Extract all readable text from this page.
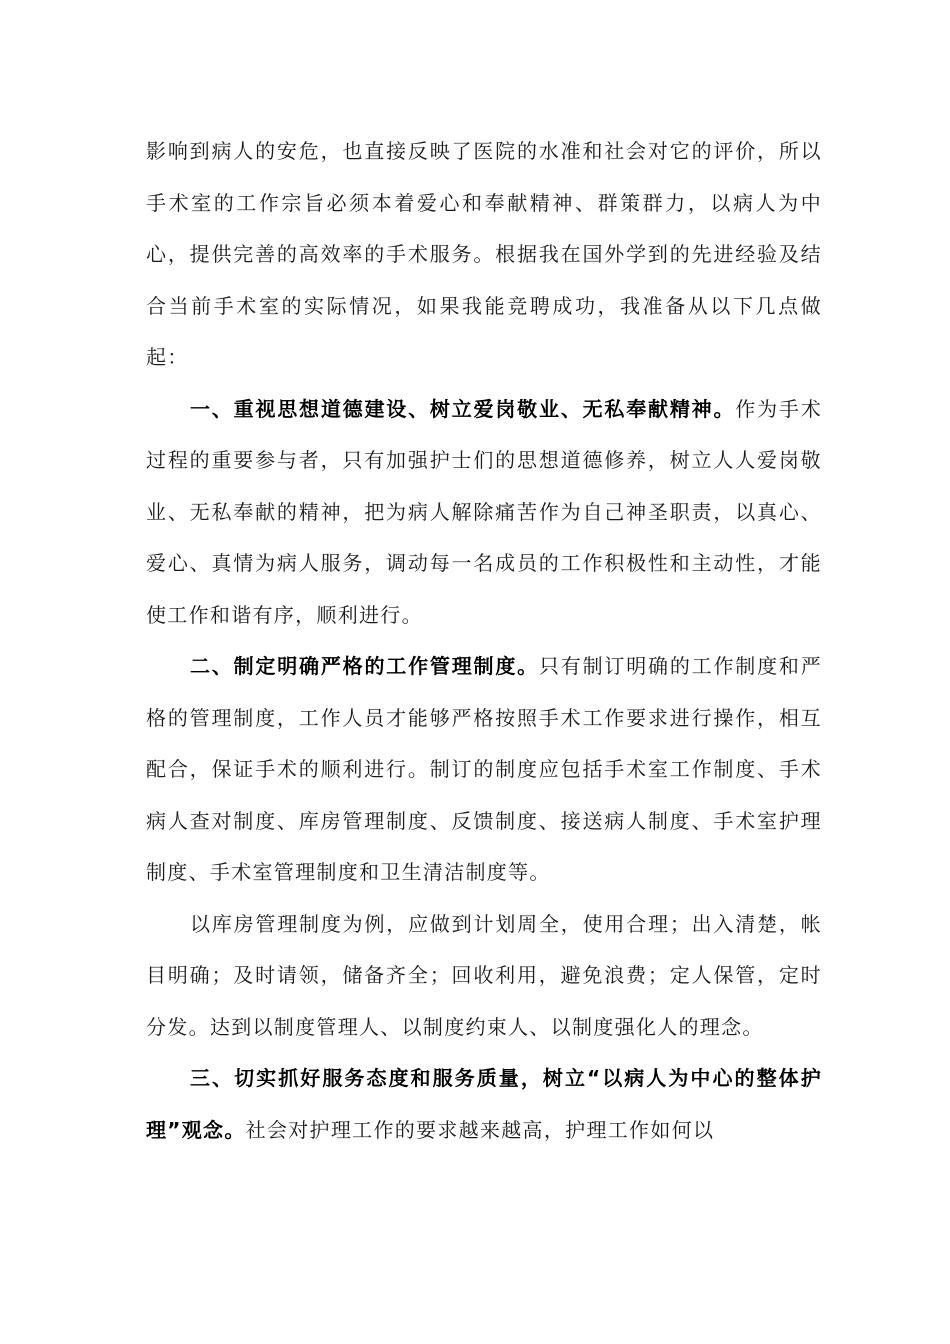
影响到病人的安危，也直接反映了医院的水准和社会对它的评价，所以手术室的工作宗旨必须本着爱心和奉献精神、群策群力，以病人为中心，提供完善的高效率的手术服务。根据我在国外学到的先进经验及结合当前手术室的实际情况，如果我能竞聘成功，我准备从以下几点做起：

一、重视思想道德建设、树立爱岗敬业、无私奉献精神。作为手术过程的重要参与者，只有加强护士们的思想道德修养，树立人人爱岗敬业、无私奉献的精神，把为病人解除痛苦作为自己神圣职责，以真心、爱心、真情为病人服务，调动每一名成员的工作积极性和主动性，才能使工作和谐有序，顺利进行。

二、制定明确严格的工作管理制度。只有制订明确的工作制度和严格的管理制度，工作人员才能够严格按照手术工作要求进行操作，相互配合，保证手术的顺利进行。制订的制度应包括手术室工作制度、手术病人查对制度、库房管理制度、反馈制度、接送病人制度、手术室护理制度、手术室管理制度和卫生清洁制度等。

以库房管理制度为例，应做到计划周全，使用合理；出入清楚，帐目明确；及时请领，储备齐全；回收利用，避免浪费；定人保管，定时分发。达到以制度管理人、以制度约束人、以制度强化人的理念。

三、切实抓好服务态度和服务质量，树立“以病人为中心的整体护理”观念。社会对护理工作的要求越来越高，护理工作如何以
